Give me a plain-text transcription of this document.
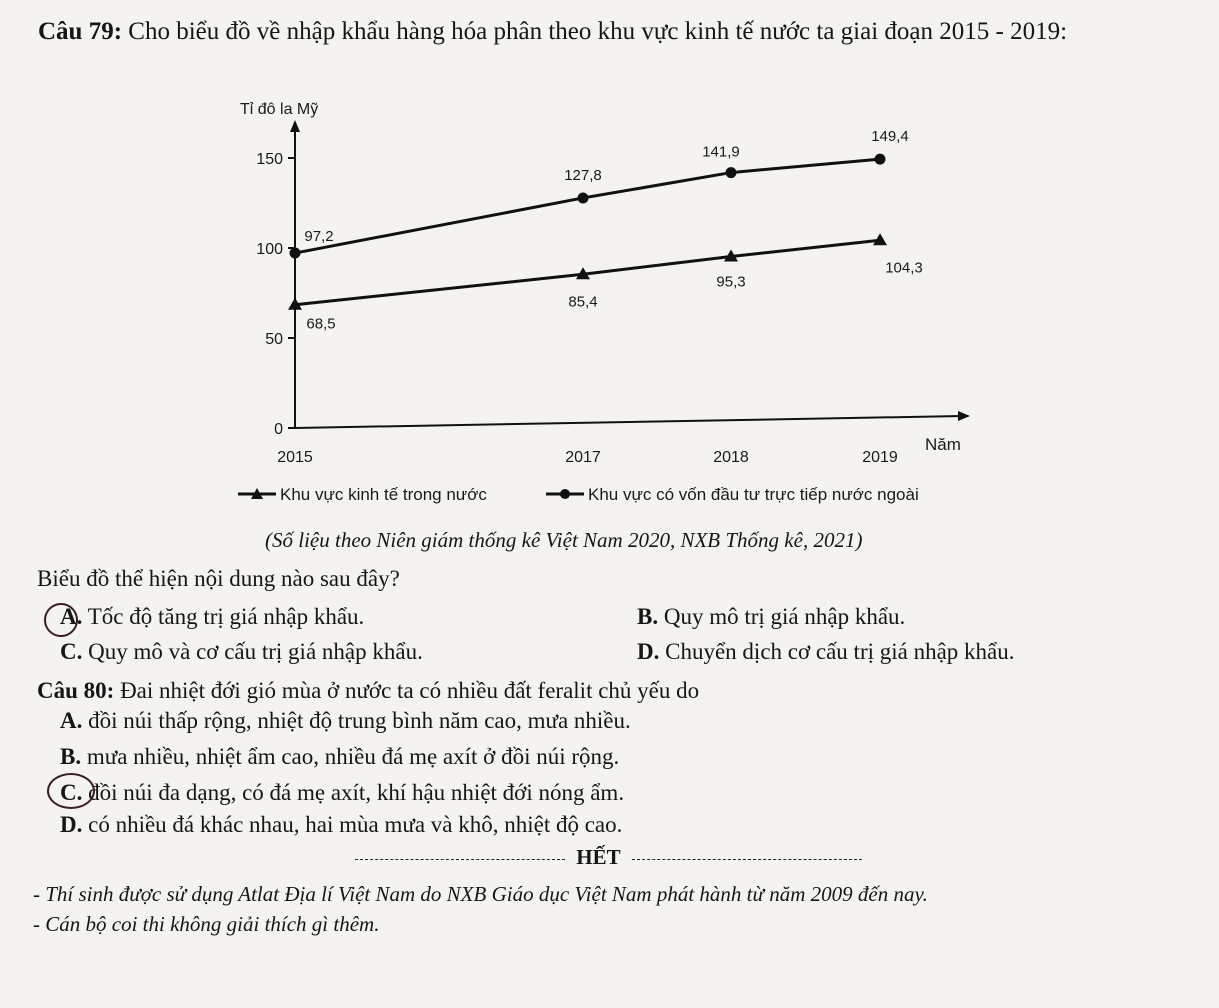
Câu 79: Cho biểu đồ về nhập khẩu hàng hóa phân theo khu vực kinh tế nước ta giai đoạn 2015 - 2019:
Tỉ đô la Mỹ
Năm
0
50
100
150
2015	2017	2018	2019
68,5
85,4
95,3
104,3
97,2
127,8
141,9
149,4
Khu vực kinh tế trong nước	Khu vực có vốn đầu tư trực tiếp nước ngoài
(Số liệu theo Niên giám thống kê Việt Nam 2020, NXB Thống kê, 2021)
Biểu đồ thể hiện nội dung nào sau đây?
A. Tốc độ tăng trị giá nhập khẩu.	B. Quy mô trị giá nhập khẩu.
C. Quy mô và cơ cấu trị giá nhập khẩu.	D. Chuyển dịch cơ cấu trị giá nhập khẩu.
Câu 80: Đai nhiệt đới gió mùa ở nước ta có nhiều đất feralit chủ yếu do
A. đồi núi thấp rộng, nhiệt độ trung bình năm cao, mưa nhiều.
B. mưa nhiều, nhiệt ẩm cao, nhiều đá mẹ axít ở đồi núi rộng.
C. đồi núi đa dạng, có đá mẹ axít, khí hậu nhiệt đới nóng ẩm.
D. có nhiều đá khác nhau, hai mùa mưa và khô, nhiệt độ cao.
HẾT
- Thí sinh được sử dụng Atlat Địa lí Việt Nam do NXB Giáo dục Việt Nam phát hành từ năm 2009 đến nay.
- Cán bộ coi thi không giải thích gì thêm.
